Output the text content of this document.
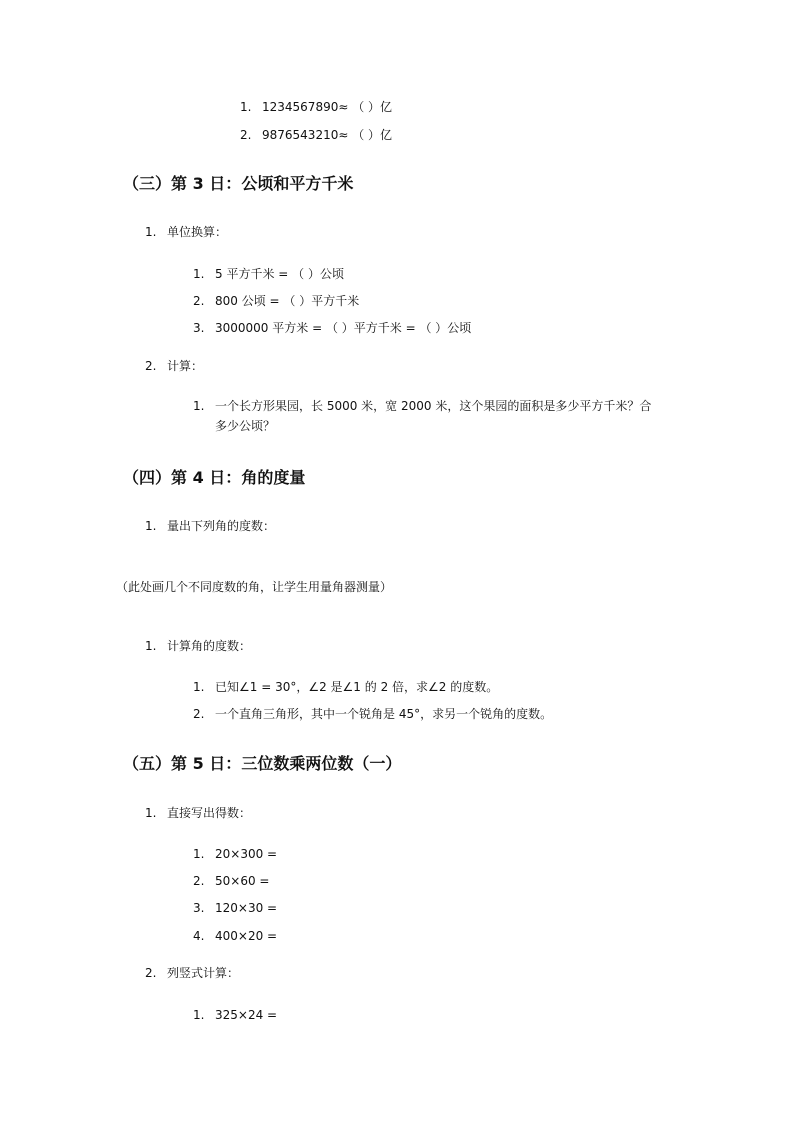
1. 1234567890≈ （ ）亿
2. 9876543210≈ （ ）亿
（三）第 3 日：公顷和平方千米
1. 单位换算：
1. 5 平方千米 = （ ）公顷
2. 800 公顷 = （ ）平方千米
3. 3000000 平方米 = （ ）平方千米 = （ ）公顷
2. 计算：
1. 一个长方形果园，长 5000 米，宽 2000 米，这个果园的面积是多少平方千米？合
多少公顷？
（四）第 4 日：角的度量
1. 量出下列角的度数：
（此处画几个不同度数的角，让学生用量角器测量）
1. 计算角的度数：
1. 已知∠1 = 30°，∠2 是∠1 的 2 倍，求∠2 的度数。
2. 一个直角三角形，其中一个锐角是 45°，求另一个锐角的度数。
（五）第 5 日：三位数乘两位数（一）
1. 直接写出得数：
1. 20×300 =
2. 50×60 =
3. 120×30 =
4. 400×20 =
2. 列竖式计算：
1. 325×24 =
